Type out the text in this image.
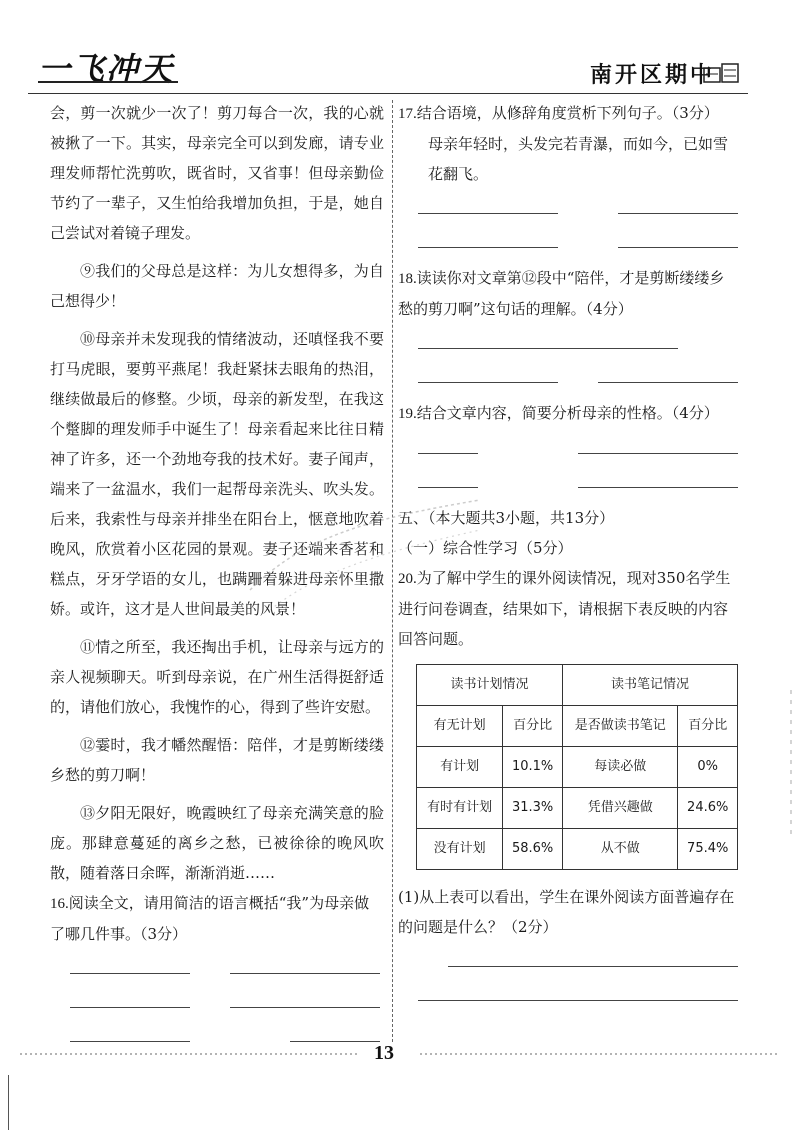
一飞冲天	南开区期中

会，剪一次就少一次了！剪刀每合一次，我的心就被揪了一下。其实，母亲完全可以到发廊，请专业理发师帮忙洗剪吹，既省时，又省事！但母亲勤俭节约了一辈子，又生怕给我增加负担，于是，她自己尝试对着镜子理发。

⑨我们的父母总是这样：为儿女想得多，为自己想得少！

⑩母亲并未发现我的情绪波动，还嗔怪我不要打马虎眼，要剪平燕尾！我赶紧抹去眼角的热泪，继续做最后的修整。少顷，母亲的新发型，在我这个蹩脚的理发师手中诞生了！母亲看起来比往日精神了许多，还一个劲地夸我的技术好。妻子闻声，端来了一盆温水，我们一起帮母亲洗头、吹头发。后来，我索性与母亲并排坐在阳台上，惬意地吹着晚风，欣赏着小区花园的景观。妻子还端来香茗和糕点，牙牙学语的女儿，也蹒跚着躲进母亲怀里撒娇。或许，这才是人世间最美的风景！

⑪情之所至，我还掏出手机，让母亲与远方的亲人视频聊天。听到母亲说，在广州生活得挺舒适的，请他们放心，我愧怍的心，得到了些许安慰。

⑫霎时，我才幡然醒悟：陪伴，才是剪断缕缕乡愁的剪刀啊！

⑬夕阳无限好，晚霞映红了母亲充满笑意的脸庞。那肆意蔓延的离乡之愁，已被徐徐的晚风吹散，随着落日余晖，渐渐消逝……

16.阅读全文，请用简洁的语言概括“我”为母亲做了哪几件事。（3分）

17.结合语境，从修辞角度赏析下列句子。（3分）

母亲年轻时，头发完若青瀑，而如今，已如雪花翻飞。

18.读读你对文章第⑫段中“陪伴，才是剪断缕缕乡愁的剪刀啊”这句话的理解。（4分）

19.结合文章内容，简要分析母亲的性格。（4分）

五、（本大题共3小题，共13分）

（一）综合性学习（5分）

20.为了解中学生的课外阅读情况，现对350名学生进行问卷调查，结果如下，请根据下表反映的内容回答问题。

读书计划情况		读书笔记情况	
有无计划	百分比	是否做读书笔记	百分比
有计划	10.1%	每读必做	0%
有时有计划	31.3%	凭借兴趣做	24.6%
没有计划	58.6%	从不做	75.4%

(1)从上表可以看出，学生在课外阅读方面普遍存在的问题是什么？（2分）

13
